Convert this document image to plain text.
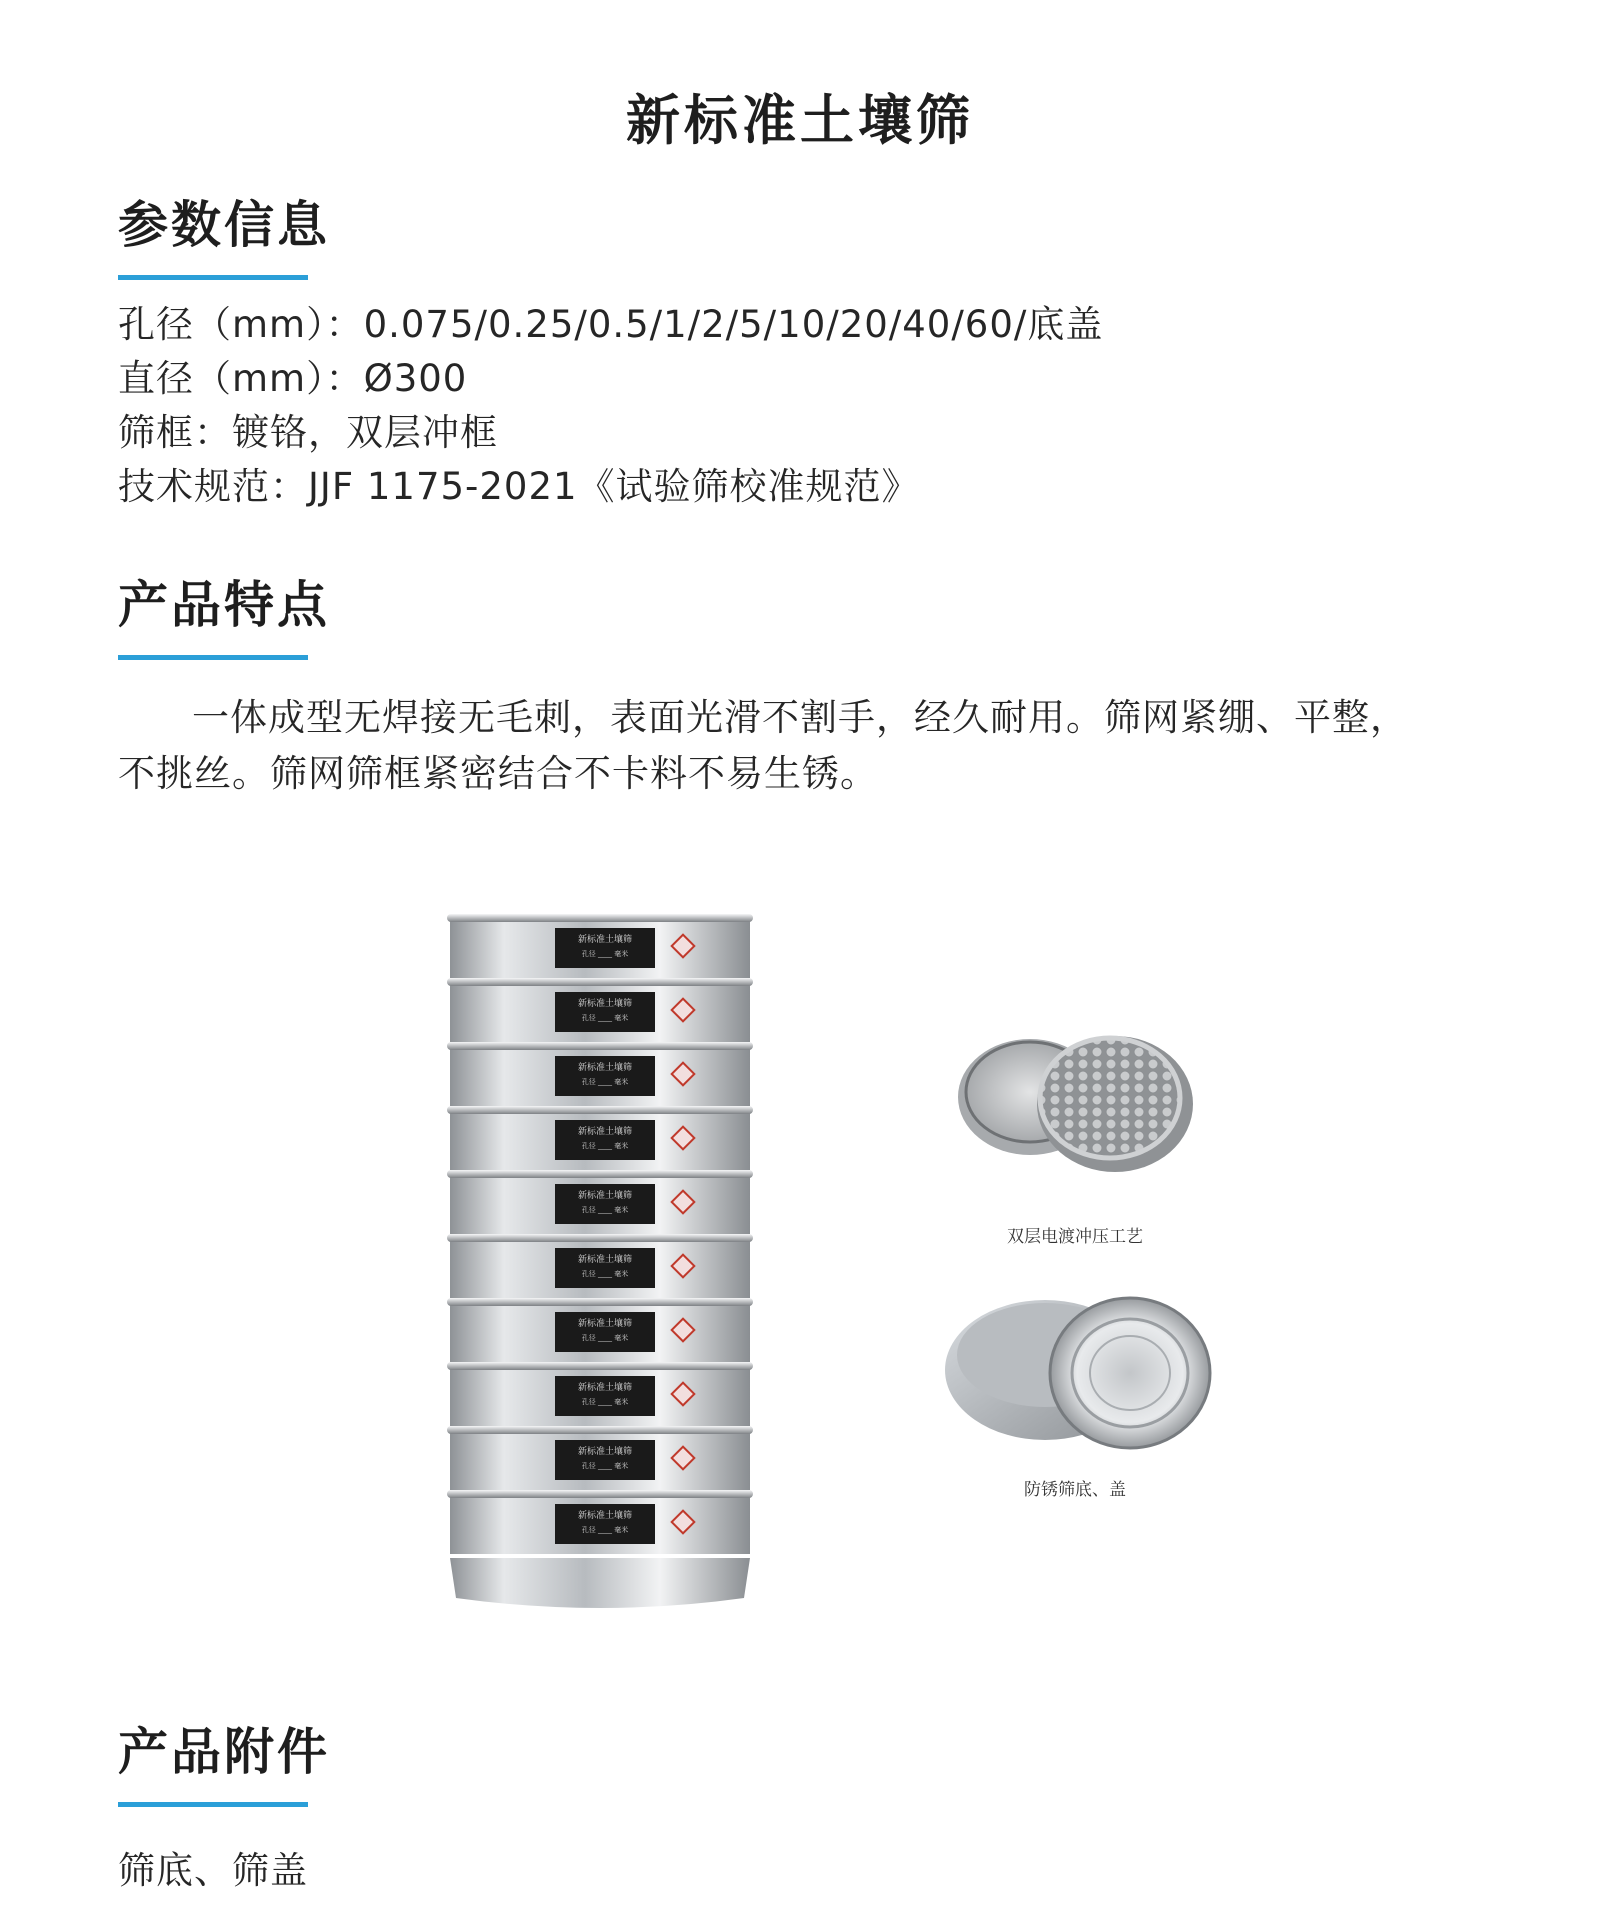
新标准土壤筛
参数信息
孔径（mm）：0.075/0.25/0.5/1/2/5/10/20/40/60/底盖
直径（mm）：Ø300
筛框：镀铬，双层冲框
技术规范：JJF 1175-2021《试验筛校准规范》
产品特点
一体成型无焊接无毛刺，表面光滑不割手，经久耐用。筛网紧绷、平整，不挑丝。筛网筛框紧密结合不卡料不易生锈。
新标准土壤筛
孔径 ____ 毫米
新标准土壤筛
孔径 ____ 毫米
新标准土壤筛
孔径 ____ 毫米
新标准土壤筛
孔径 ____ 毫米
新标准土壤筛
孔径 ____ 毫米
新标准土壤筛
孔径 ____ 毫米
新标准土壤筛
孔径 ____ 毫米
新标准土壤筛
孔径 ____ 毫米
新标准土壤筛
孔径 ____ 毫米
新标准土壤筛
孔径 ____ 毫米
双层电渡冲压工艺
防锈筛底、盖
产品附件
筛底、筛盖
